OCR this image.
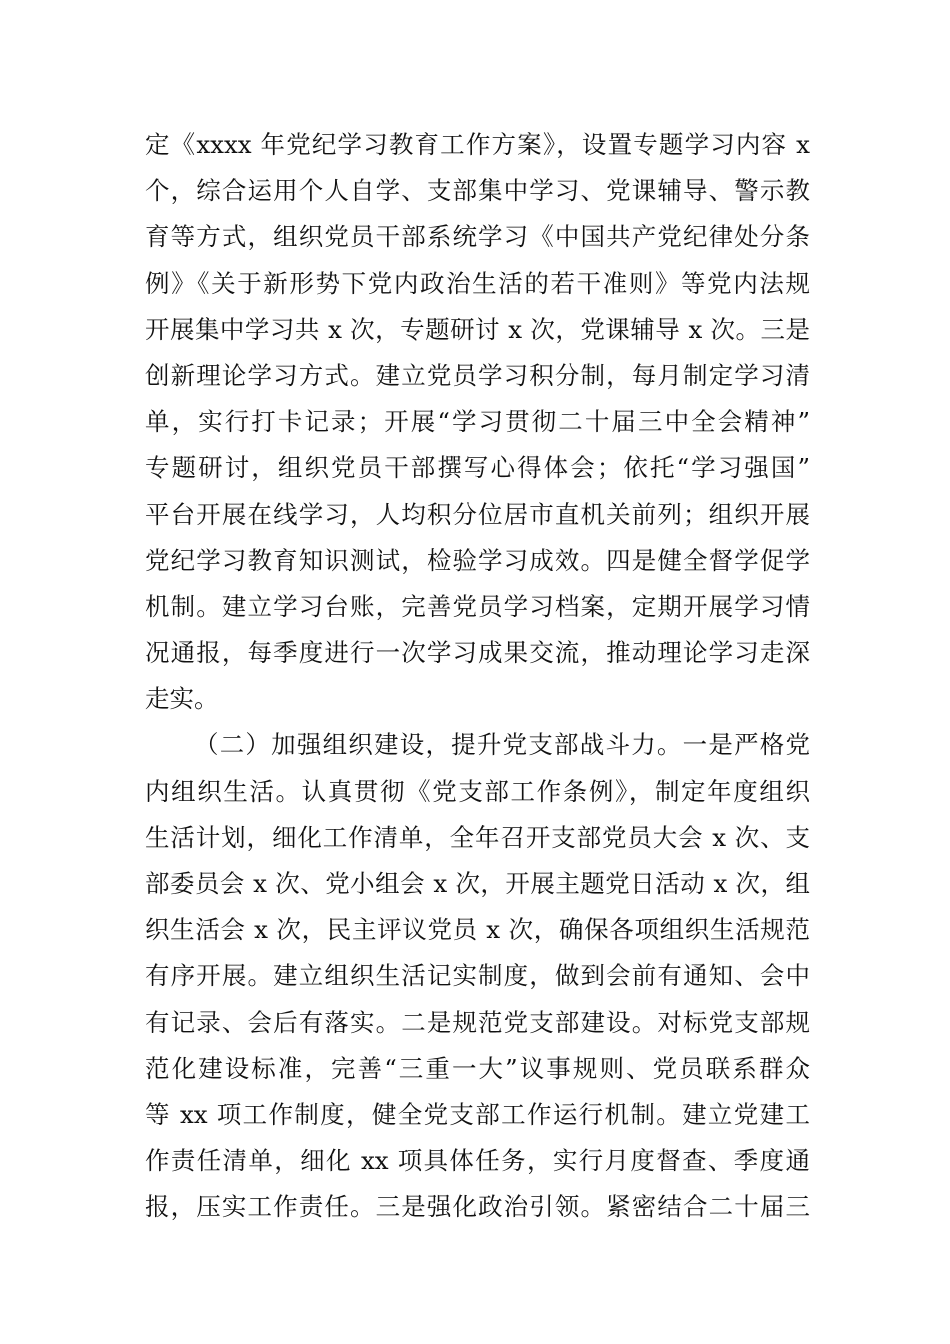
定《xxxx 年党纪学习教育工作方案》，设置专题学习内容 x
个，综合运用个人自学、支部集中学习、党课辅导、警示教
育等方式，组织党员干部系统学习《中国共产党纪律处分条
例》《关于新形势下党内政治生活的若干准则》等党内法规
开展集中学习共 x 次，专题研讨 x 次，党课辅导 x 次。三是
创新理论学习方式。建立党员学习积分制，每月制定学习清
单，实行打卡记录；开展“学习贯彻二十届三中全会精神”
专题研讨，组织党员干部撰写心得体会；依托“学习强国”
平台开展在线学习，人均积分位居市直机关前列；组织开展
党纪学习教育知识测试，检验学习成效。四是健全督学促学
机制。建立学习台账，完善党员学习档案，定期开展学习情
况通报，每季度进行一次学习成果交流，推动理论学习走深
走实。
（二）加强组织建设，提升党支部战斗力。一是严格党
内组织生活。认真贯彻《党支部工作条例》，制定年度组织
生活计划，细化工作清单，全年召开支部党员大会 x 次、支
部委员会 x 次、党小组会 x 次，开展主题党日活动 x 次，组
织生活会 x 次，民主评议党员 x 次，确保各项组织生活规范
有序开展。建立组织生活记实制度，做到会前有通知、会中
有记录、会后有落实。二是规范党支部建设。对标党支部规
范化建设标准，完善“三重一大”议事规则、党员联系群众
等 xx 项工作制度，健全党支部工作运行机制。建立党建工
作责任清单，细化 xx 项具体任务，实行月度督查、季度通
报，压实工作责任。三是强化政治引领。紧密结合二十届三
